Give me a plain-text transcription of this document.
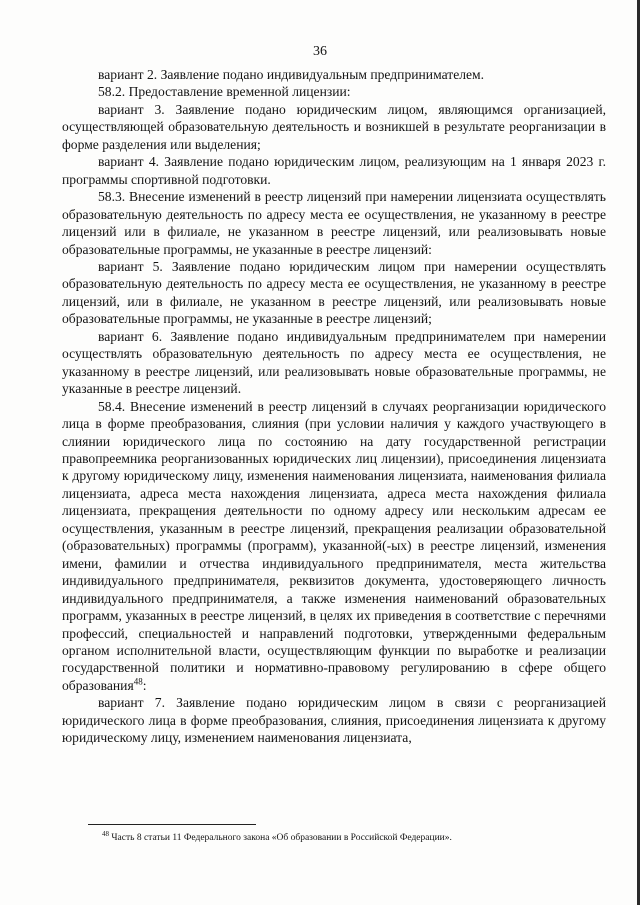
36

вариант 2. Заявление подано индивидуальным предпринимателем.

58.2. Предоставление временной лицензии:

вариант 3. Заявление подано юридическим лицом, являющимся организацией, осуществляющей образовательную деятельность и возникшей в результате реорганизации в форме разделения или выделения;

вариант 4. Заявление подано юридическим лицом, реализующим на 1 января 2023 г. программы спортивной подготовки.

58.3. Внесение изменений в реестр лицензий при намерении лицензиата осуществлять образовательную деятельность по адресу места ее осуществления, не указанному в реестре лицензий или в филиале, не указанном в реестре лицензий, или реализовывать новые образовательные программы, не указанные в реестре лицензий:

вариант 5. Заявление подано юридическим лицом при намерении осуществлять образовательную деятельность по адресу места ее осуществления, не указанному в реестре лицензий, или в филиале, не указанном в реестре лицензий, или реализовывать новые образовательные программы, не указанные в реестре лицензий;

вариант 6. Заявление подано индивидуальным предпринимателем при намерении осуществлять образовательную деятельность по адресу места ее осуществления, не указанному в реестре лицензий, или реализовывать новые образовательные программы, не указанные в реестре лицензий.

58.4. Внесение изменений в реестр лицензий в случаях реорганизации юридического лица в форме преобразования, слияния (при условии наличия у каждого участвующего в слиянии юридического лица по состоянию на дату государственной регистрации правопреемника реорганизованных юридических лиц лицензии), присоединения лицензиата к другому юридическому лицу, изменения наименования лицензиата, наименования филиала лицензиата, адреса места нахождения лицензиата, адреса места нахождения филиала лицензиата, прекращения деятельности по одному адресу или нескольким адресам ее осуществления, указанным в реестре лицензий, прекращения реализации образовательной (образовательных) программы (программ), указанной(-ых) в реестре лицензий, изменения имени, фамилии и отчества индивидуального предпринимателя, места жительства индивидуального предпринимателя, реквизитов документа, удостоверяющего личность индивидуального предпринимателя, а также изменения наименований образовательных программ, указанных в реестре лицензий, в целях их приведения в соответствие с перечнями профессий, специальностей и направлений подготовки, утвержденными федеральным органом исполнительной власти, осуществляющим функции по выработке и реализации государственной политики и нормативно-правовому регулированию в сфере общего образования$^{48}$:

вариант 7. Заявление подано юридическим лицом в связи с реорганизацией юридического лица в форме преобразования, слияния, присоединения лицензиата к другому юридическому лицу, изменением наименования лицензиата,

$^{48}$ Часть 8 статьи 11 Федерального закона «Об образовании в Российской Федерации».
